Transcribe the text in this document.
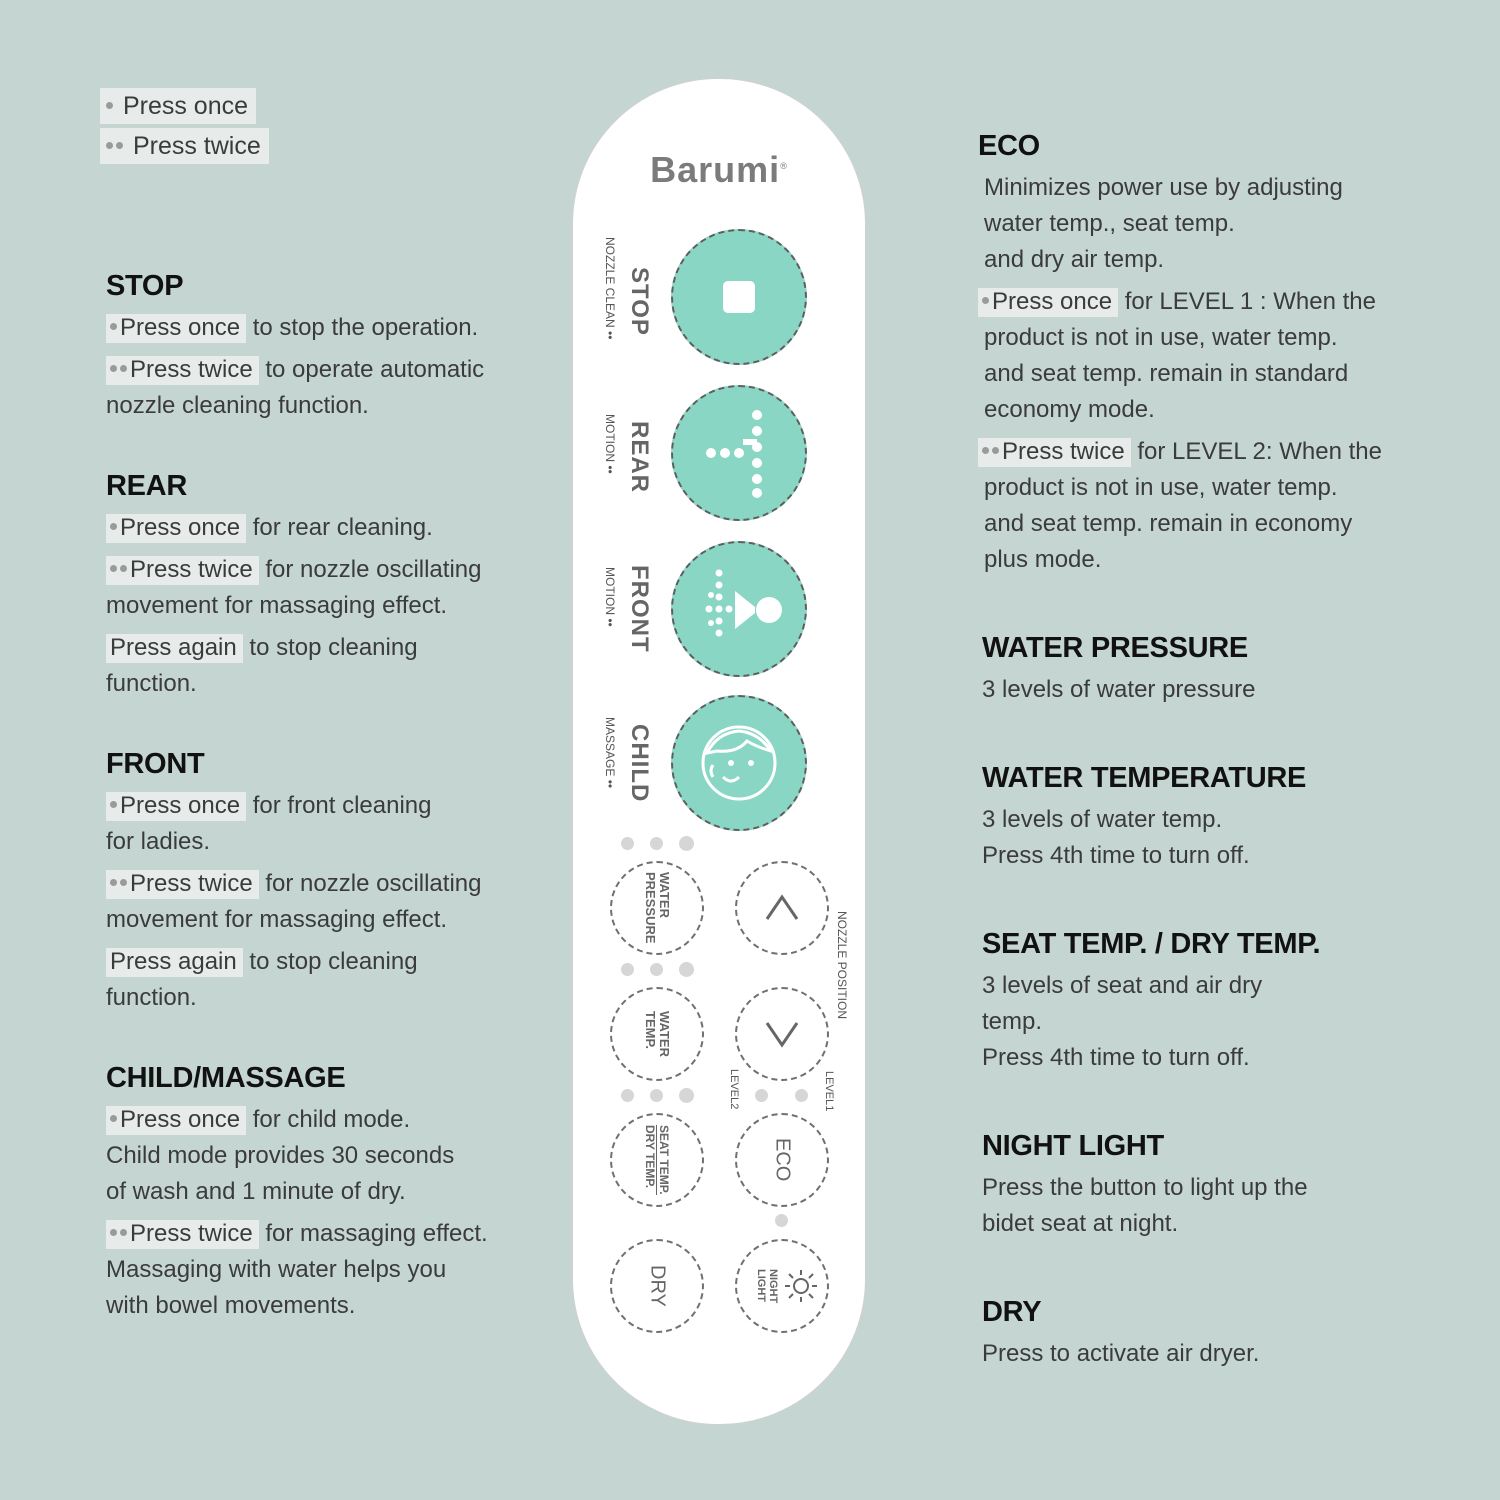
Press once
Press twice
STOP

Press once to stop the operation.

Press twice to operate automatic

nozzle cleaning function.

REAR

Press once for rear cleaning.

Press twice for nozzle oscillating

movement for massaging effect.

Press again to stop cleaning

function.

FRONT

Press once for front cleaning

for ladies.

Press twice for nozzle oscillating

movement for massaging effect.

Press again to stop cleaning

function.

CHILD/MASSAGE

Press once for child mode.

Child mode provides 30 seconds

of wash and 1 minute of dry.

Press twice for massaging effect.

Massaging with water helps you

with bowel movements.

Barumi®
NOZZLE CLEAN •• STOP
MOTION •• REAR
MOTION •• FRONT
MASSAGE •• CHILD
WATER
PRESSURE
NOZZLE POSITION
WATER
TEMP.
LEVEL2	LEVEL1
SEAT TEMP.
DRY TEMP.	ECO
DRY	NIGHT
LIGHT
ECO

Minimizes power use by adjusting

water temp., seat temp.

and dry air temp.

Press once for LEVEL 1 : When the

product is not in use, water temp.

and seat temp. remain in standard

economy mode.

Press twice for LEVEL 2: When the

product is not in use, water temp.

and seat temp. remain in economy

plus mode.

WATER PRESSURE

3 levels of water pressure

WATER TEMPERATURE

3 levels of water temp.

Press 4th time to turn off.

SEAT TEMP. / DRY TEMP.

3 levels of seat and air dry

temp.

Press 4th time to turn off.

NIGHT LIGHT

Press the button to light up the

bidet seat at night.

DRY

Press to activate air dryer.
